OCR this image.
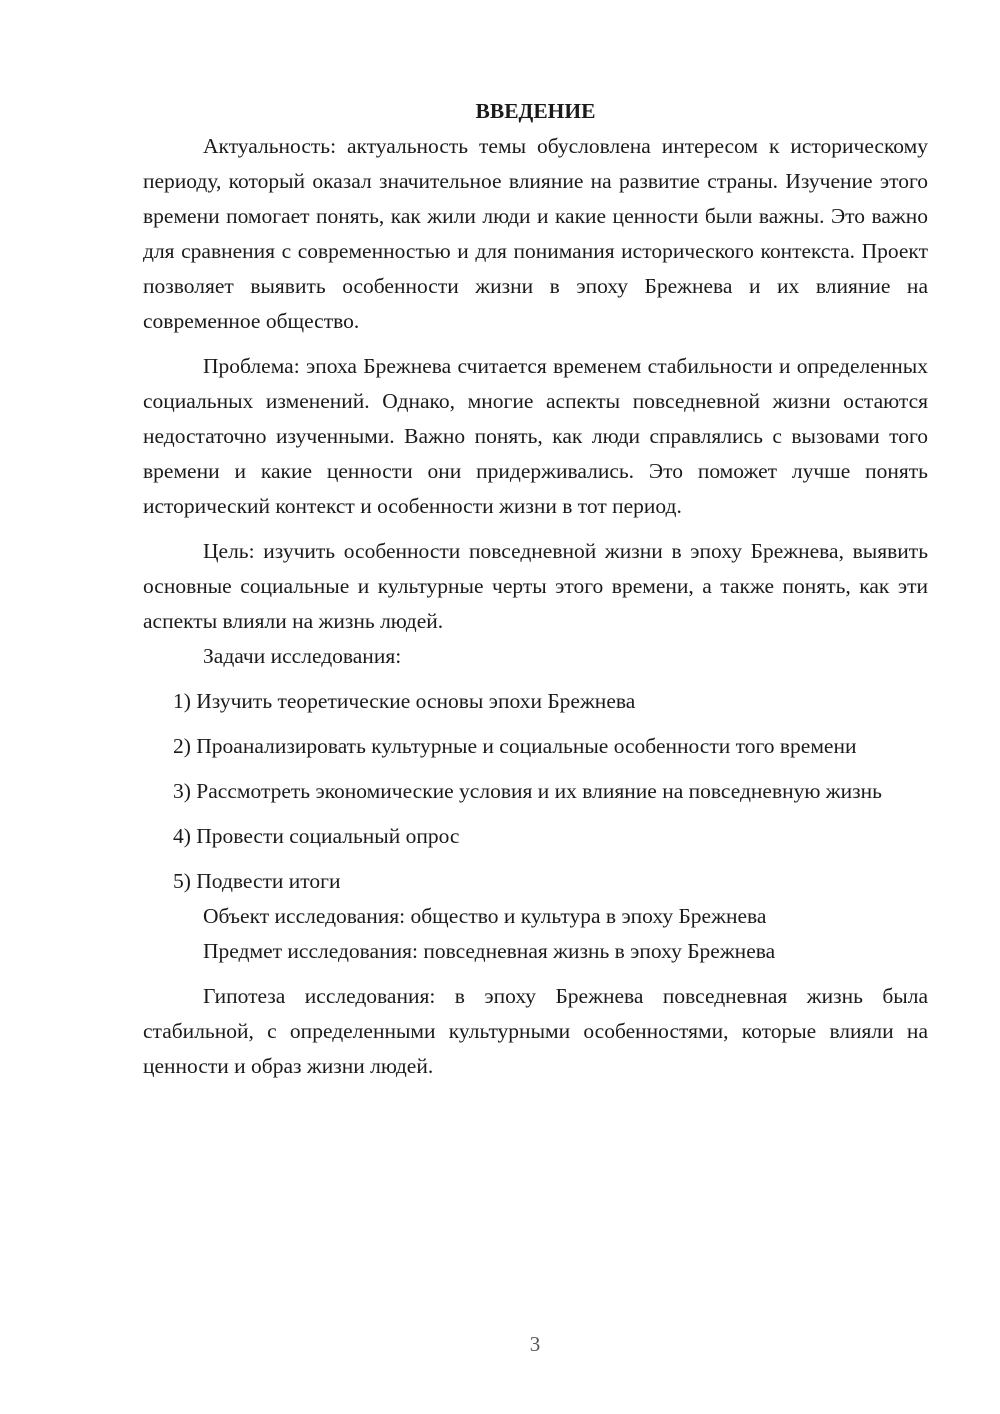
ВВЕДЕНИЕ

Актуальность: актуальность темы обусловлена интересом к историческому периоду, который оказал значительное влияние на развитие страны. Изучение этого времени помогает понять, как жили люди и какие ценности были важны. Это важно для сравнения с современностью и для понимания исторического контекста. Проект позволяет выявить особенности жизни в эпоху Брежнева и их влияние на современное общество.

Проблема: эпоха Брежнева считается временем стабильности и определенных социальных изменений. Однако, многие аспекты повседневной жизни остаются недостаточно изученными. Важно понять, как люди справлялись с вызовами того времени и какие ценности они придерживались. Это поможет лучше понять исторический контекст и особенности жизни в тот период.

Цель: изучить особенности повседневной жизни в эпоху Брежнева, выявить основные социальные и культурные черты этого времени, а также понять, как эти аспекты влияли на жизнь людей.

Задачи исследования:

1) Изучить теоретические основы эпохи Брежнева

2) Проанализировать культурные и социальные особенности того времени

3) Рассмотреть экономические условия и их влияние на повседневную жизнь

4) Провести социальный опрос

5) Подвести итоги

Объект исследования: общество и культура в эпоху Брежнева

Предмет исследования: повседневная жизнь в эпоху Брежнева

Гипотеза исследования: в эпоху Брежнева повседневная жизнь была стабильной, с определенными культурными особенностями, которые влияли на ценности и образ жизни людей.

3
